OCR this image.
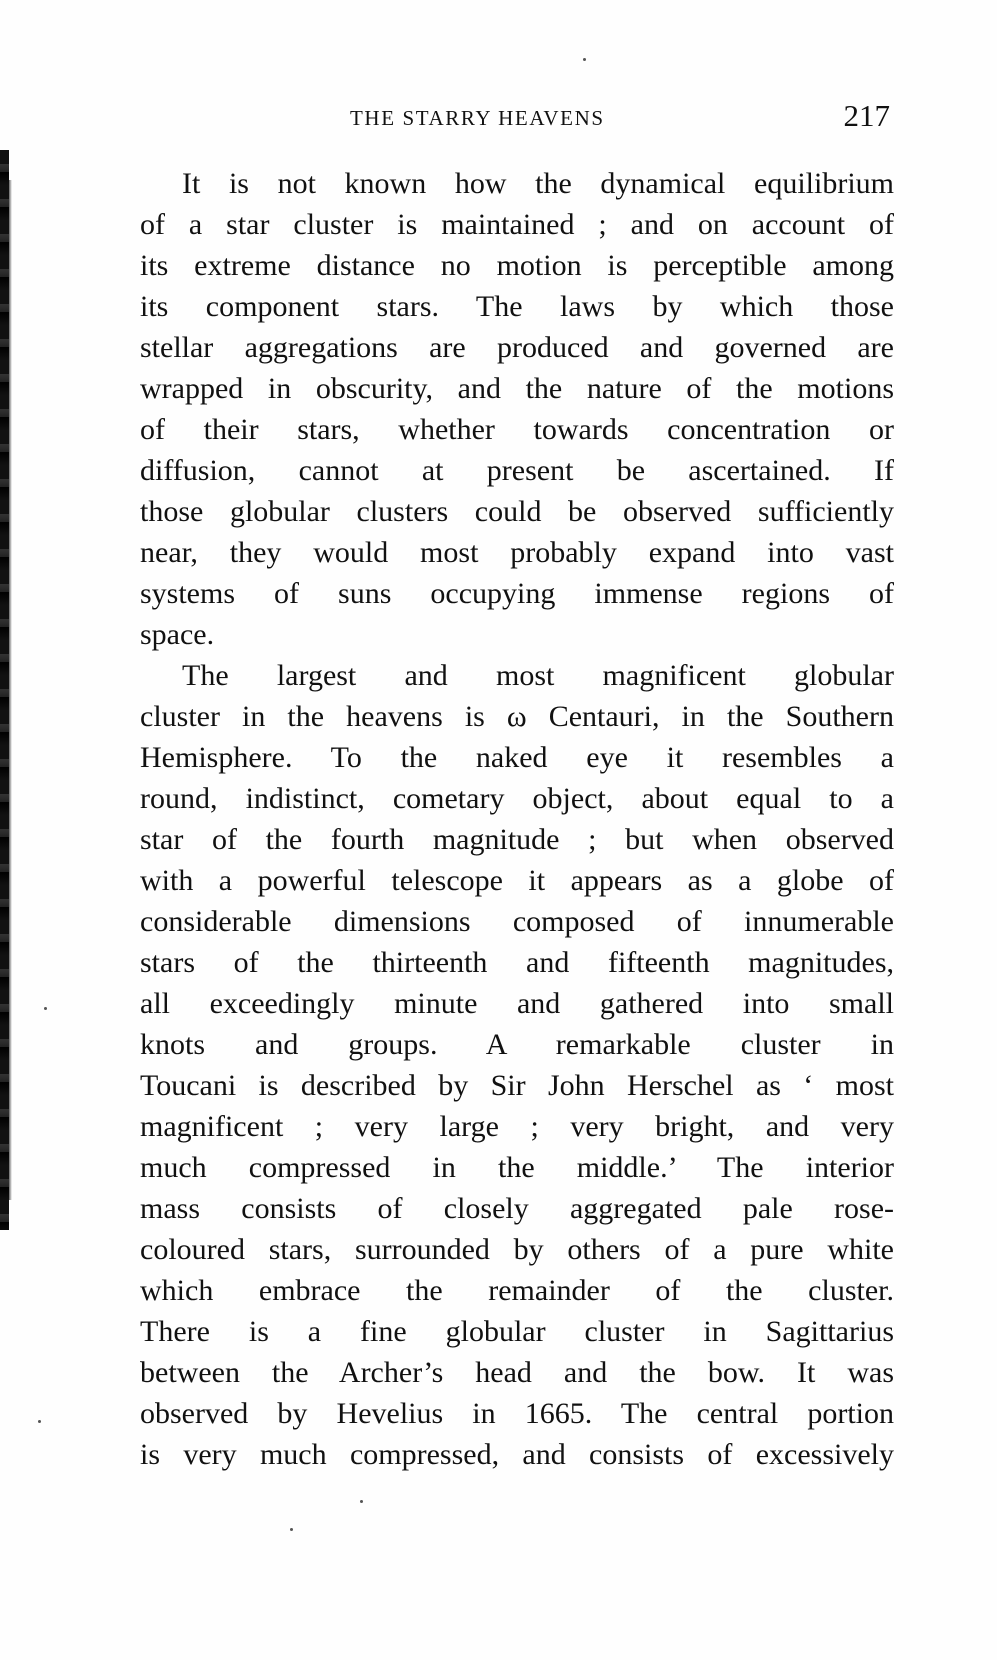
THE STARRY HEAVENS	217
It is not known how the dynamical equilibrium
of a star cluster is maintained ; and on account of
its extreme distance no motion is perceptible among
its component stars. The laws by which those
stellar aggregations are produced and governed are
wrapped in obscurity, and the nature of the motions
of their stars, whether towards concentration or
diffusion, cannot at present be ascertained. If
those globular clusters could be observed sufficiently
near, they would most probably expand into vast
systems of suns occupying immense regions of
space.
The largest and most magnificent globular
cluster in the heavens is ω Centauri, in the Southern
Hemisphere. To the naked eye it resembles a
round, indistinct, cometary object, about equal to a
star of the fourth magnitude ; but when observed
with a powerful telescope it appears as a globe of
considerable dimensions composed of innumerable
stars of the thirteenth and fifteenth magnitudes,
all exceedingly minute and gathered into small
knots and groups. A remarkable cluster in
Toucani is described by Sir John Herschel as ‘ most
magnificent ; very large ; very bright, and very
much compressed in the middle.’ The interior
mass consists of closely aggregated pale rose-
coloured stars, surrounded by others of a pure white
which embrace the remainder of the cluster.
There is a fine globular cluster in Sagittarius
between the Archer’s head and the bow. It was
observed by Hevelius in 1665. The central portion
is very much compressed, and consists of excessively
